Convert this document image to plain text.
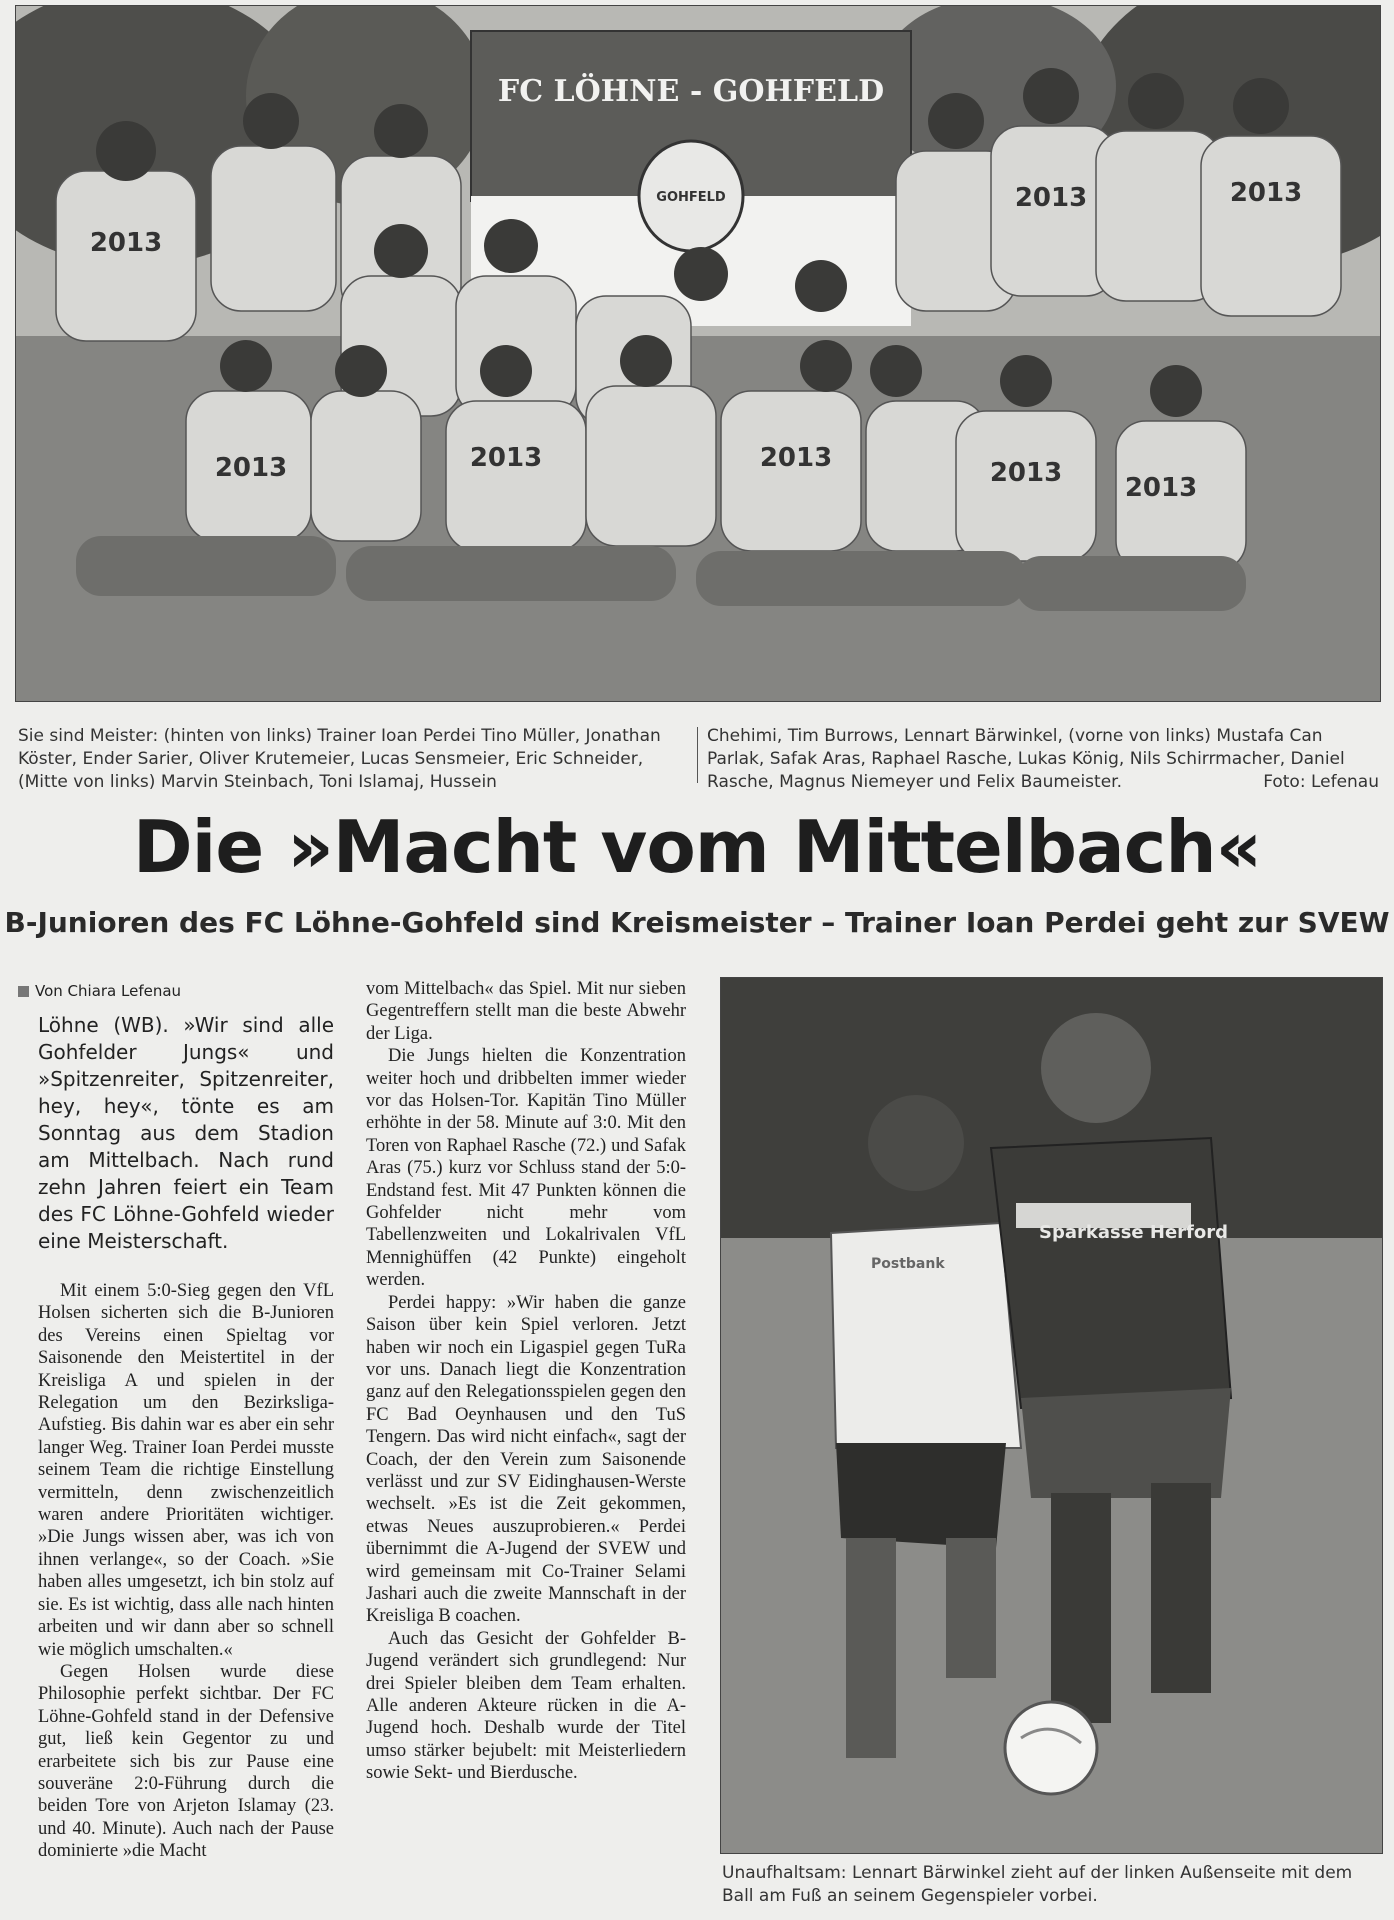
FC LÖHNE - GOHFELD
GOHFELD
2013
2013	2013
2013	2013	2013	2013 2013
Sie sind Meister: (hinten von links) Trainer Ioan Perdei Tino Müller, Jonathan Köster, Ender Sarier, Oliver Krutemeier, Lucas Sensmeier, Eric Schneider, (Mitte von links) Marvin Steinbach, Toni Islamaj, Hussein
Chehimi, Tim Burrows, Lennart Bärwinkel, (vorne von links) Mustafa Can Parlak, Safak Aras, Raphael Rasche, Lukas König, Nils Schirrmacher, Daniel Rasche, Magnus Niemeyer und Felix Baumeister.	Foto: Lefenau
Die »Macht vom Mittelbach«
B-Junioren des FC Löhne-Gohfeld sind Kreismeister – Trainer Ioan Perdei geht zur SVEW
Von Chiara Lefenau
Löhne (WB). »Wir sind alle Gohfelder Jungs« und »Spitzenreiter, Spitzenreiter, hey, hey«, tönte es am Sonntag aus dem Stadion am Mittelbach. Nach rund zehn Jahren feiert ein Team des FC Löhne-Gohfeld wieder eine Meisterschaft.

Mit einem 5:0-Sieg gegen den VfL Holsen sicherten sich die B-Junioren des Vereins einen Spieltag vor Saisonende den Meistertitel in der Kreisliga A und spielen in der Relegation um den Bezirksliga-Aufstieg. Bis dahin war es aber ein sehr langer Weg. Trainer Ioan Perdei musste seinem Team die richtige Einstellung vermitteln, denn zwischenzeitlich waren andere Prioritäten wichtiger. »Die Jungs wissen aber, was ich von ihnen verlange«, so der Coach. »Sie haben alles umgesetzt, ich bin stolz auf sie. Es ist wichtig, dass alle nach hinten arbeiten und wir dann aber so schnell wie möglich umschalten.«

Gegen Holsen wurde diese Philosophie perfekt sichtbar. Der FC Löhne-Gohfeld stand in der Defensive gut, ließ kein Gegentor zu und erarbeitete sich bis zur Pause eine souveräne 2:0-Führung durch die beiden Tore von Arjeton Islamay (23. und 40. Minute). Auch nach der Pause dominierte »die Macht

vom Mittelbach« das Spiel. Mit nur sieben Gegentreffern stellt man die beste Abwehr der Liga.

Die Jungs hielten die Konzentration weiter hoch und dribbelten immer wieder vor das Holsen-Tor. Kapitän Tino Müller erhöhte in der 58. Minute auf 3:0. Mit den Toren von Raphael Rasche (72.) und Safak Aras (75.) kurz vor Schluss stand der 5:0-Endstand fest. Mit 47 Punkten können die Gohfelder nicht mehr vom Tabellenzweiten und Lokalrivalen VfL Mennighüffen (42 Punkte) eingeholt werden.

Perdei happy: »Wir haben die ganze Saison über kein Spiel verloren. Jetzt haben wir noch ein Ligaspiel gegen TuRa vor uns. Danach liegt die Konzentration ganz auf den Relegationsspielen gegen den FC Bad Oeynhausen und den TuS Tengern. Das wird nicht einfach«, sagt der Coach, der den Verein zum Saisonende verlässt und zur SV Eidinghausen-Werste wechselt. »Es ist die Zeit gekommen, etwas Neues auszuprobieren.« Perdei übernimmt die A-Jugend der SVEW und wird gemeinsam mit Co-Trainer Selami Jashari auch die zweite Mannschaft in der Kreisliga B coachen.

Auch das Gesicht der Gohfelder B-Jugend verändert sich grundlegend: Nur drei Spieler bleiben dem Team erhalten. Alle anderen Akteure rücken in die A-Jugend hoch. Deshalb wurde der Titel umso stärker bejubelt: mit Meisterliedern sowie Sekt- und Bierdusche.

Postbank
Sparkasse Herford
Unaufhaltsam: Lennart Bärwinkel zieht auf der linken Außenseite mit dem Ball am Fuß an seinem Gegenspieler vorbei.
